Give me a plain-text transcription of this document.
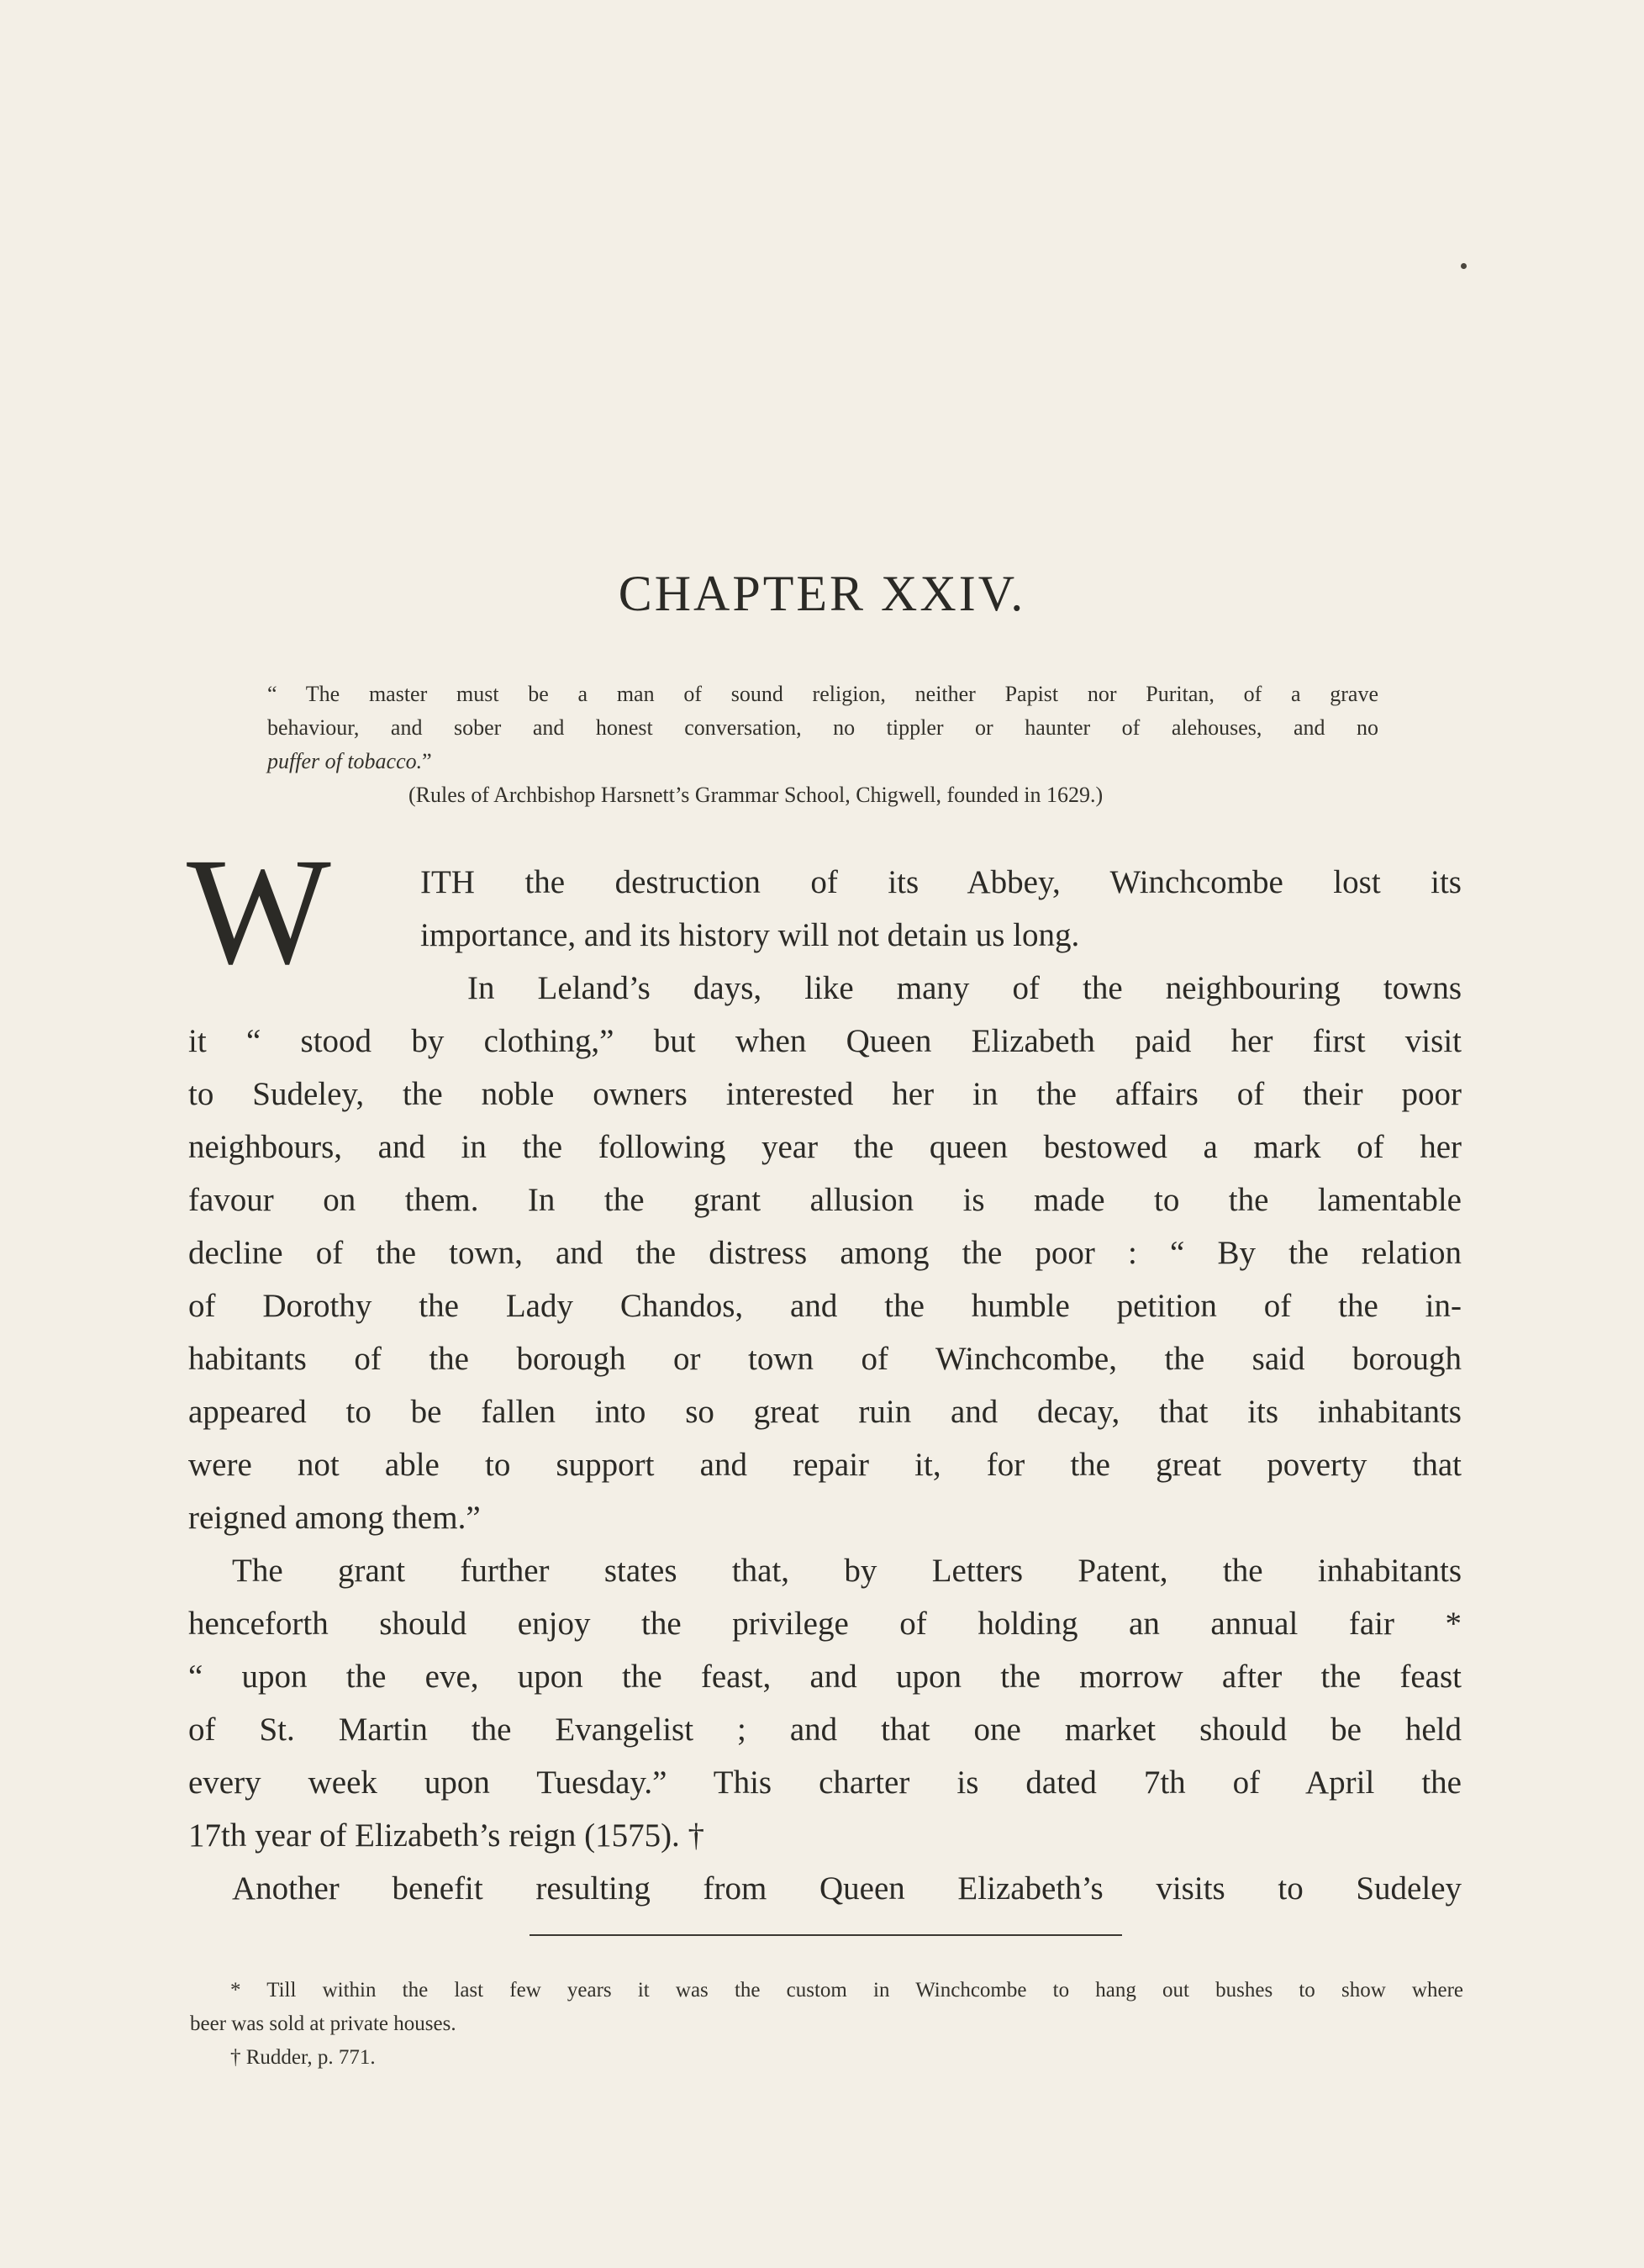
CHAPTER XXIV.
“ The master must be a man of sound religion, neither Papist nor Puritan, of a grave
behaviour, and sober and honest conversation, no tippler or haunter of alehouses, and no
puffer of tobacco.”
(Rules of Archbishop Harsnett’s Grammar School, Chigwell, founded in 1629.)
W	ITH the destruction of its Abbey, Winchcombe lost its
importance, and its history will not detain us long.
In Leland’s days, like many of the neighbouring towns
it “ stood by clothing,” but when Queen Elizabeth paid her first visit
to Sudeley, the noble owners interested her in the affairs of their poor
neighbours, and in the following year the queen bestowed a mark of her
favour on them. In the grant allusion is made to the lamentable
decline of the town, and the distress among the poor : “ By the relation
of Dorothy the Lady Chandos, and the humble petition of the in-
habitants of the borough or town of Winchcombe, the said borough
appeared to be fallen into so great ruin and decay, that its inhabitants
were not able to support and repair it, for the great poverty that
reigned among them.”
The grant further states that, by Letters Patent, the inhabitants
henceforth should enjoy the privilege of holding an annual fair *
“ upon the eve, upon the feast, and upon the morrow after the feast
of St. Martin the Evangelist ; and that one market should be held
every week upon Tuesday.” This charter is dated 7th of April the
17th year of Elizabeth’s reign (1575). †
Another benefit resulting from Queen Elizabeth’s visits to Sudeley
* Till within the last few years it was the custom in Winchcombe to hang out bushes to show where
beer was sold at private houses.
† Rudder, p. 771.
